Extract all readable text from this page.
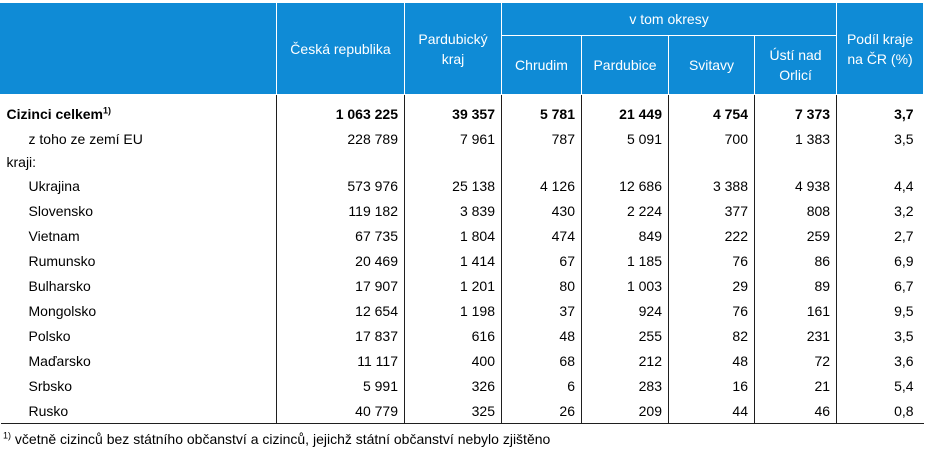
	Česká republika	Pardubický kraj	v tom okresy				Podíl kraje na ČR (%)
			Chrudim	Pardubice	Svitavy	Ústí nad Orlicí	

Cizinci celkem$^{1)}$	1 063 225	39 357	5 781	21 449	4 754	7 373	3,7
z toho ze zemí EU	228 789	7 961	787	5 091	700	1 383	3,5
kraji:							
Ukrajina	573 976	25 138	4 126	12 686	3 388	4 938	4,4
Slovensko	119 182	3 839	430	2 224	377	808	3,2
Vietnam	67 735	1 804	474	849	222	259	2,7
Rumunsko	20 469	1 414	67	1 185	76	86	6,9
Bulharsko	17 907	1 201	80	1 003	29	89	6,7
Mongolsko	12 654	1 198	37	924	76	161	9,5
Polsko	17 837	616	48	255	82	231	3,5
Maďarsko	11 117	400	68	212	48	72	3,6
Srbsko	5 991	326	6	283	16	21	5,4
Rusko	40 779	325	26	209	44	46	0,8
$^{1)}$ včetně cizinců bez státního občanství a cizinců, jejichž státní občanství nebylo zjištěno
